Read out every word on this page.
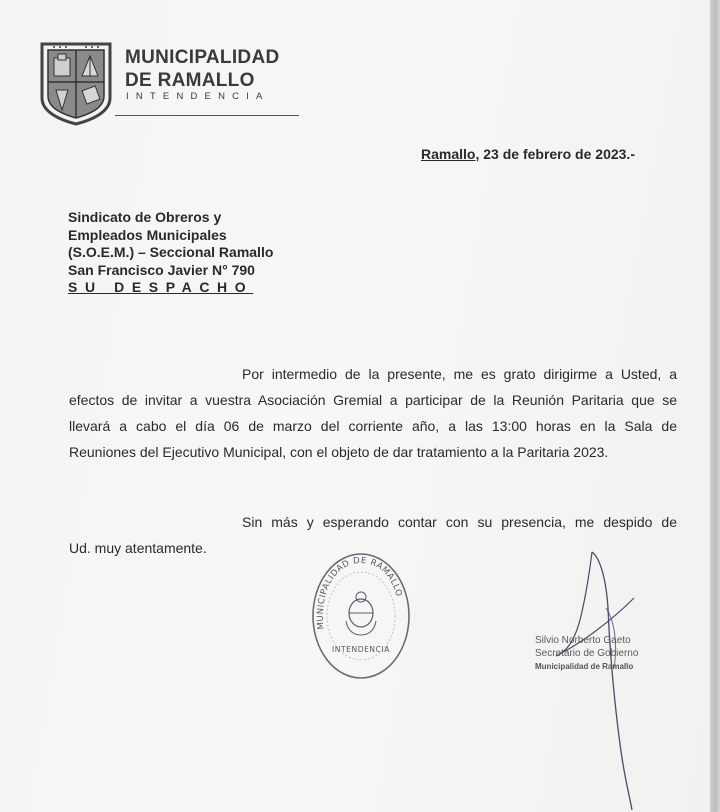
MUNICIPALIDAD
DE RAMALLO
INTENDENCIA
Ramallo, 23 de febrero de 2023.-
Sindicato de Obreros y
Empleados Municipales
(S.O.E.M.) – Seccional Ramallo
San Francisco Javier N° 790
SU DESPACHO
Por intermedio de la presente, me es grato dirigirme a Usted, a
efectos de invitar a vuestra Asociación Gremial a participar de la Reunión Paritaria que se
llevará a cabo el día 06 de marzo del corriente año, a las 13:00 horas en la Sala de
Reuniones del Ejecutivo Municipal, con el objeto de dar tratamiento a la Paritaria 2023.
Sin más y esperando contar con su presencia, me despido de
Ud. muy atentamente.
MUNICIPALIDAD DE RAMALLO
INTENDENCIA
Silvio Norberto Gaeto
Secretario de Gobierno
Municipalidad de Ramallo
